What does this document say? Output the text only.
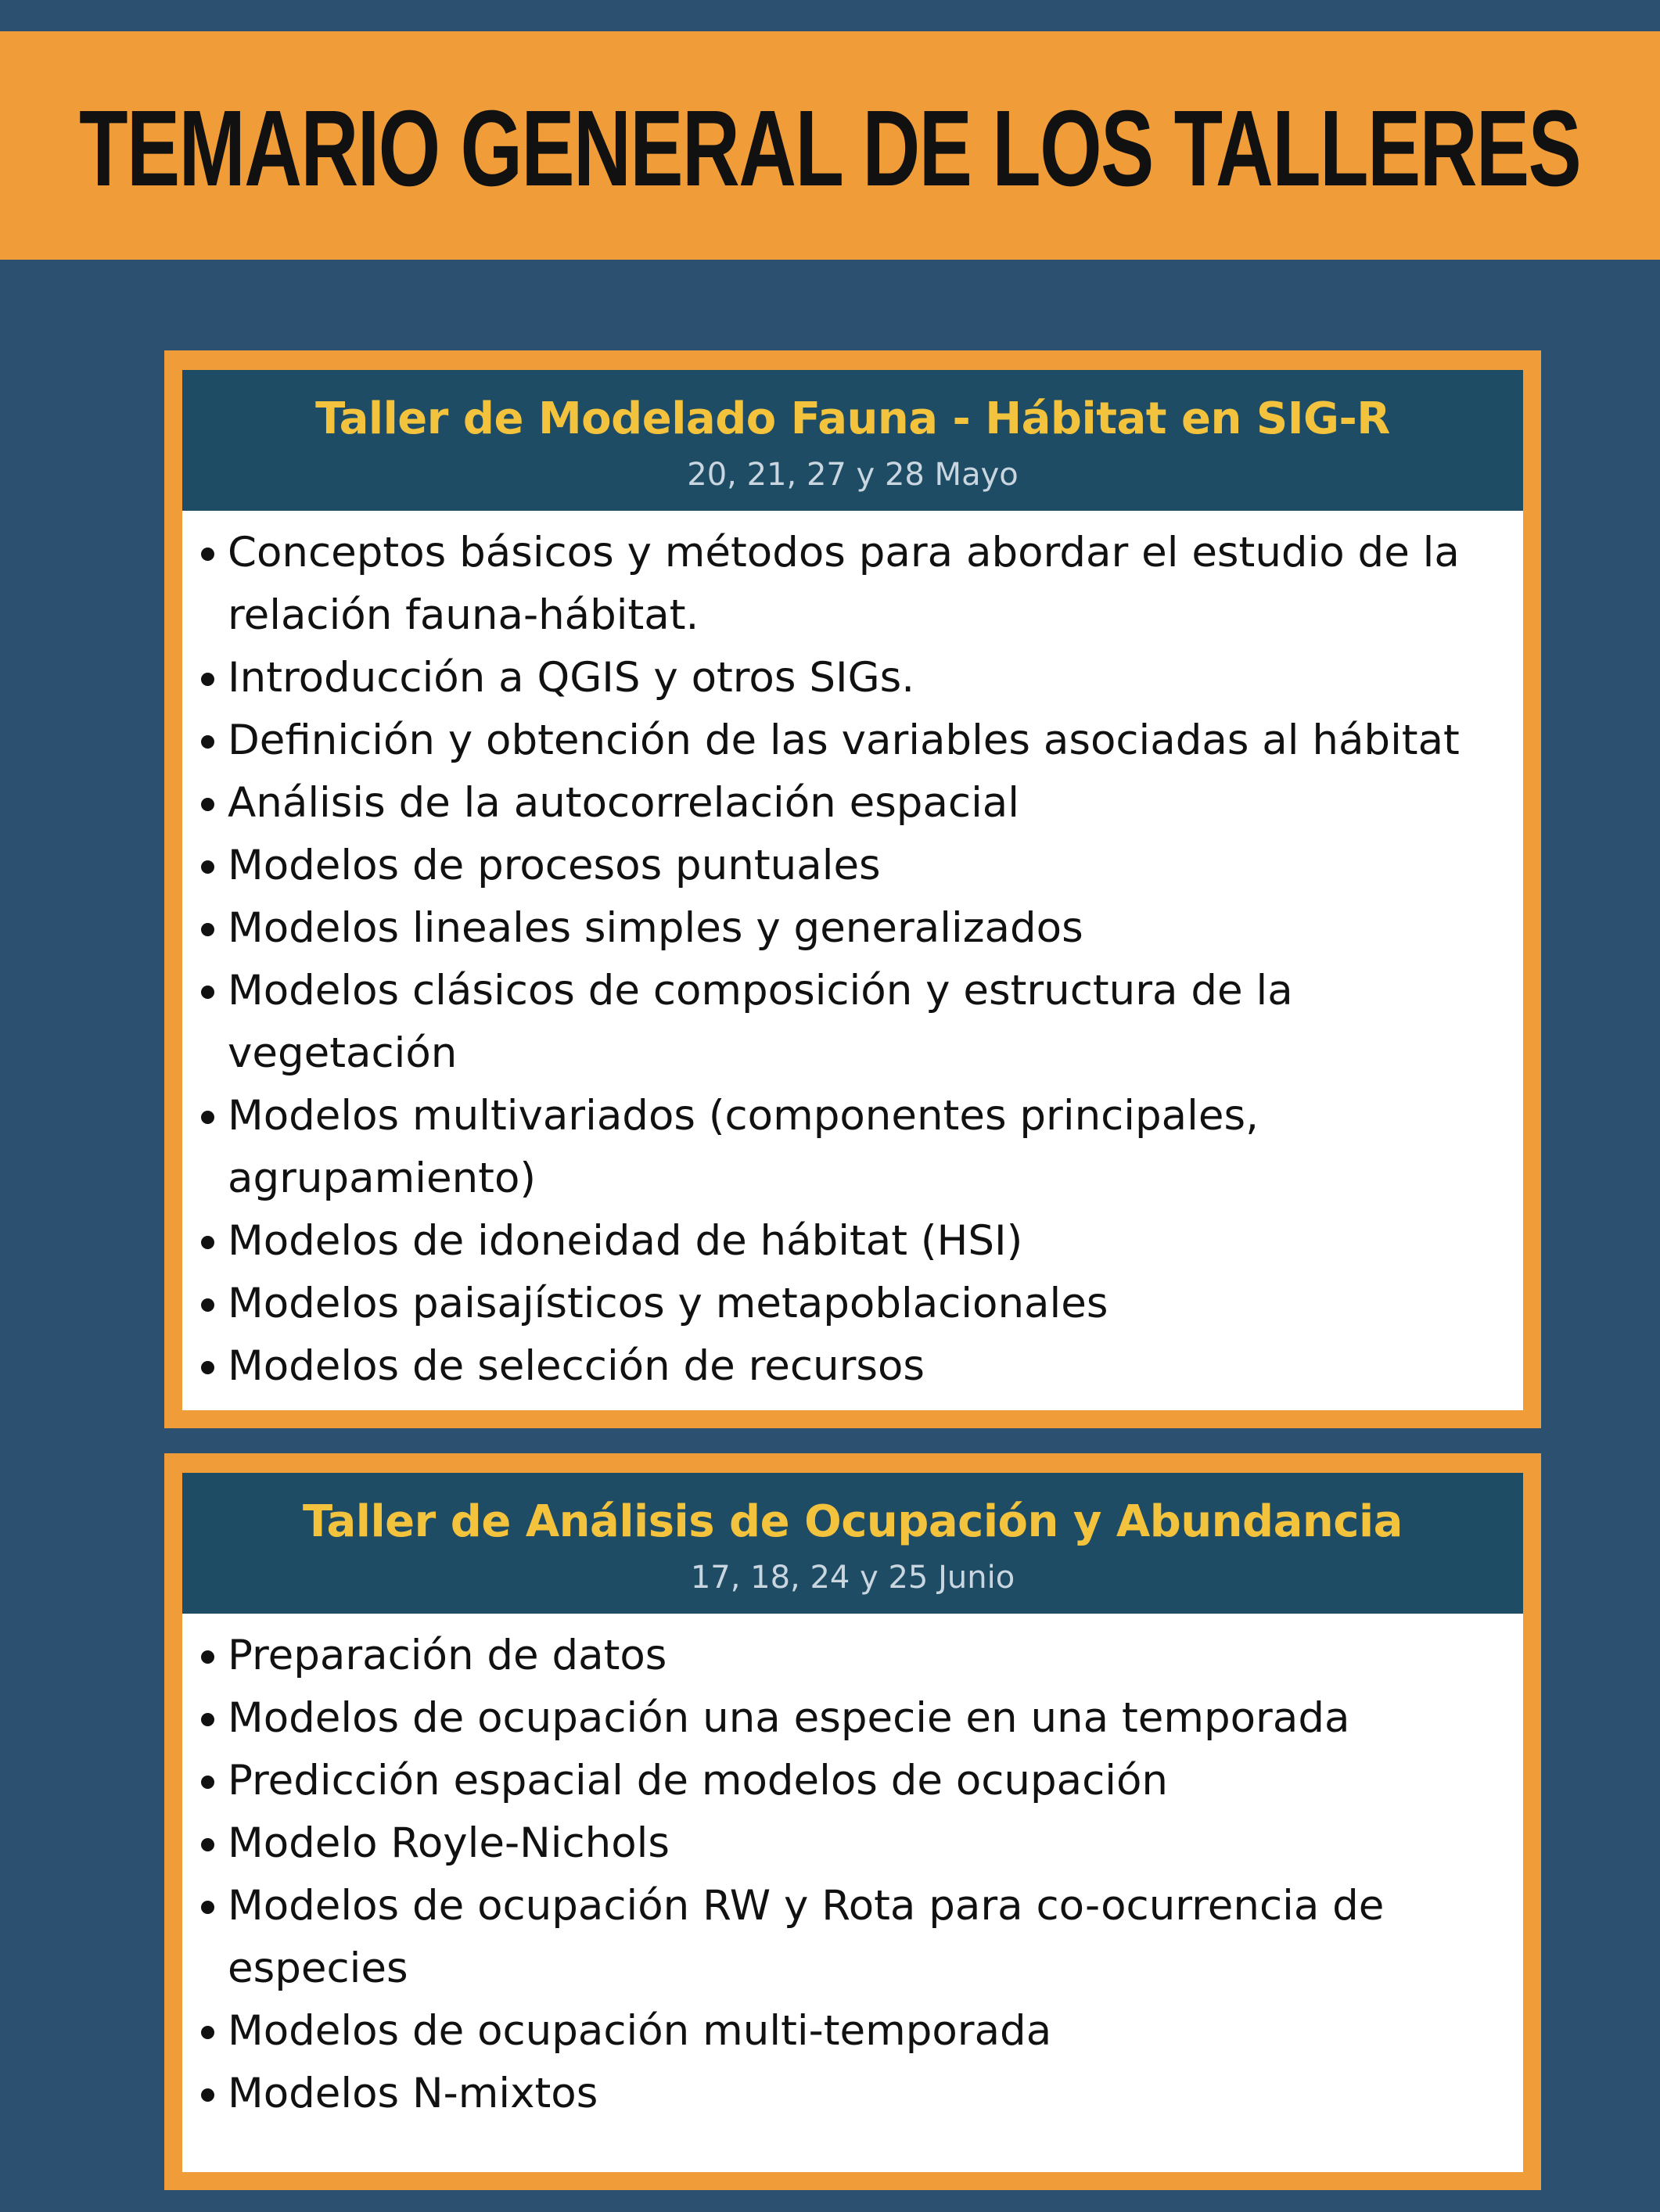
TEMARIO GENERAL DE LOS TALLERES
Taller de Modelado Fauna - Hábitat en SIG-R
20, 21, 27 y 28 Mayo
Conceptos básicos y métodos para abordar el estudio de la relación fauna-hábitat.
Introducción a QGIS y otros SIGs.
Definición y obtención de las variables asociadas al hábitat
Análisis de la autocorrelación espacial
Modelos de procesos puntuales
Modelos lineales simples y generalizados
Modelos clásicos de composición y estructura de la vegetación
Modelos multivariados (componentes principales, agrupamiento)
Modelos de idoneidad de hábitat (HSI)
Modelos paisajísticos y metapoblacionales
Modelos de selección de recursos
Taller de Análisis de Ocupación y Abundancia
17, 18, 24 y 25 Junio
Preparación de datos
Modelos de ocupación una especie en una temporada
Predicción espacial de modelos de ocupación
Modelo Royle-Nichols
Modelos de ocupación RW y Rota para co-ocurrencia de especies
Modelos de ocupación multi-temporada
Modelos N-mixtos
